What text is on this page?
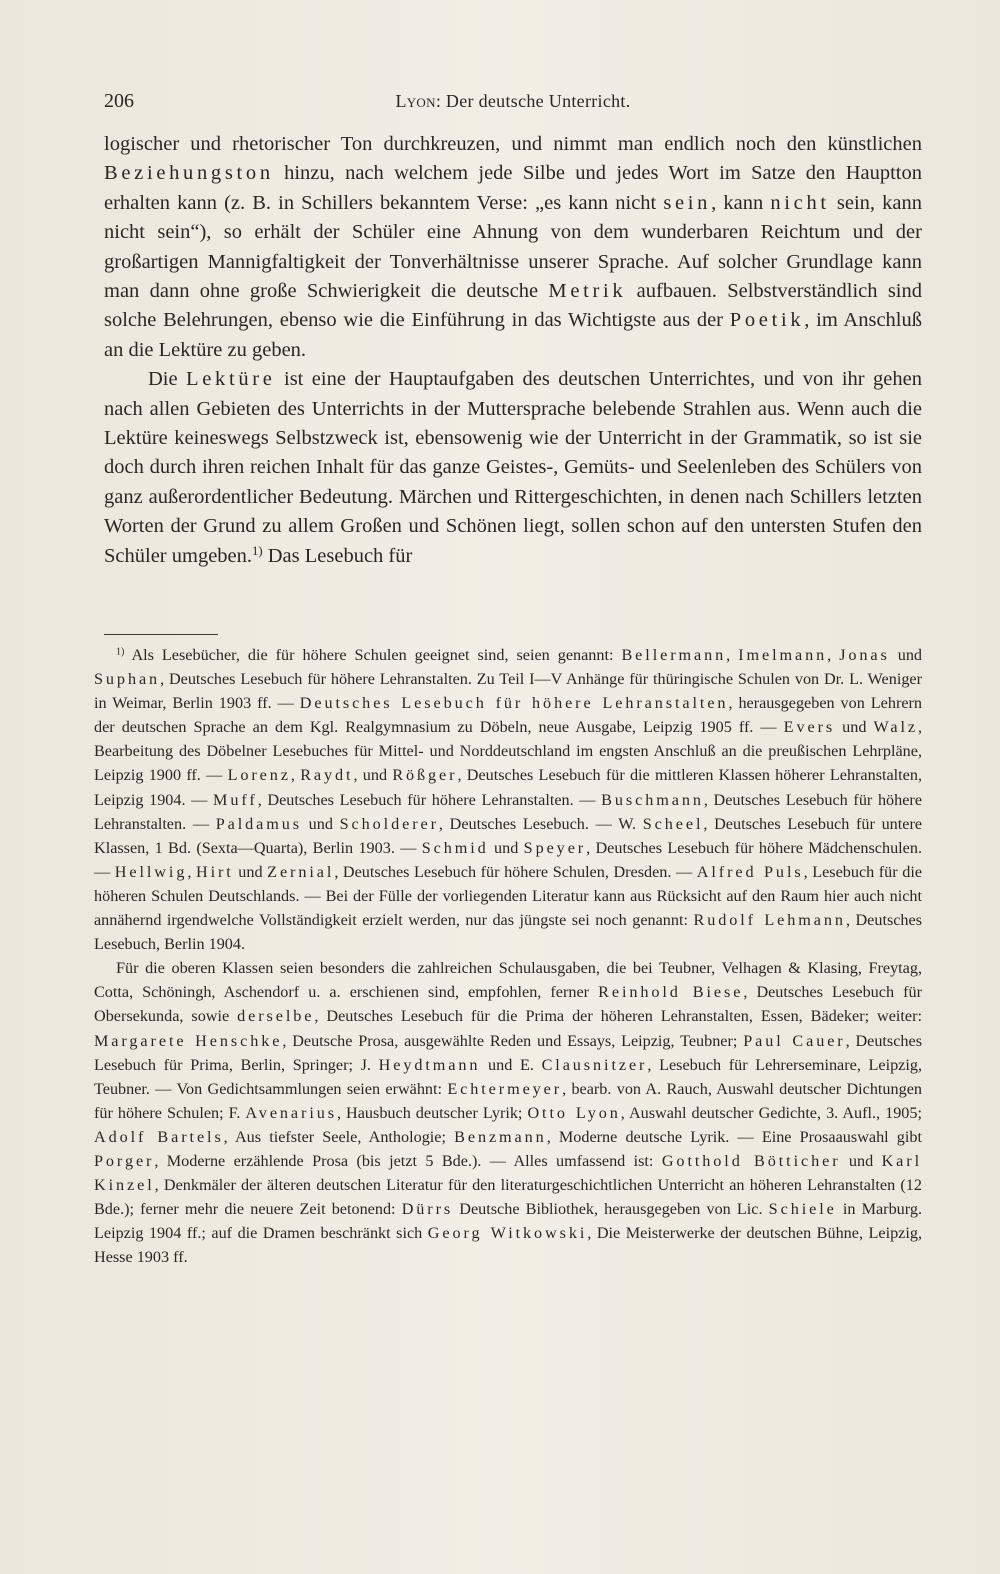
206	Lyon: Der deutsche Unterricht.

logischer und rhetorischer Ton durchkreuzen, und nimmt man endlich noch den künstlichen Beziehungston hinzu, nach welchem jede Silbe und jedes Wort im Satze den Hauptton erhalten kann (z. B. in Schillers bekanntem Verse: „es kann nicht sein, kann nicht sein, kann nicht sein“), so erhält der Schüler eine Ahnung von dem wunderbaren Reichtum und der großartigen Mannigfaltigkeit der Tonverhältnisse unserer Sprache. Auf solcher Grundlage kann man dann ohne große Schwierigkeit die deutsche Metrik aufbauen. Selbstverständlich sind solche Belehrungen, ebenso wie die Einführung in das Wichtigste aus der Poetik, im Anschluß an die Lektüre zu geben.

Die Lektüre ist eine der Hauptaufgaben des deutschen Unterrichtes, und von ihr gehen nach allen Gebieten des Unterrichts in der Muttersprache belebende Strahlen aus. Wenn auch die Lektüre keineswegs Selbstzweck ist, ebensowenig wie der Unterricht in der Grammatik, so ist sie doch durch ihren reichen Inhalt für das ganze Geistes-, Gemüts- und Seelenleben des Schülers von ganz außerordentlicher Bedeutung. Märchen und Rittergeschichten, in denen nach Schillers letzten Worten der Grund zu allem Großen und Schönen liegt, sollen schon auf den untersten Stufen den Schüler umgeben.$^{1)}$ Das Lesebuch für

$^{1)}$ Als Lesebücher, die für höhere Schulen geeignet sind, seien genannt: Bellermann, Imelmann, Jonas und Suphan, Deutsches Lesebuch für höhere Lehranstalten. Zu Teil I—V Anhänge für thüringische Schulen von Dr. L. Weniger in Weimar, Berlin 1903 ff. — Deutsches Lesebuch für höhere Lehranstalten, herausgegeben von Lehrern der deutschen Sprache an dem Kgl. Realgymnasium zu Döbeln, neue Ausgabe, Leipzig 1905 ff. — Evers und Walz, Bearbeitung des Döbelner Lesebuches für Mittel- und Norddeutschland im engsten Anschluß an die preußischen Lehrpläne, Leipzig 1900 ff. — Lorenz, Raydt, und Rößger, Deutsches Lesebuch für die mittleren Klassen höherer Lehranstalten, Leipzig 1904. — Muff, Deutsches Lesebuch für höhere Lehranstalten. — Buschmann, Deutsches Lesebuch für höhere Lehranstalten. — Paldamus und Scholderer, Deutsches Lesebuch. — W. Scheel, Deutsches Lesebuch für untere Klassen, 1 Bd. (Sexta—Quarta), Berlin 1903. — Schmid und Speyer, Deutsches Lesebuch für höhere Mädchenschulen. — Hellwig, Hirt und Zernial, Deutsches Lesebuch für höhere Schulen, Dresden. — Alfred Puls, Lesebuch für die höheren Schulen Deutschlands. — Bei der Fülle der vorliegenden Literatur kann aus Rücksicht auf den Raum hier auch nicht annähernd irgendwelche Vollständigkeit erzielt werden, nur das jüngste sei noch genannt: Rudolf Lehmann, Deutsches Lesebuch, Berlin 1904.

Für die oberen Klassen seien besonders die zahlreichen Schulausgaben, die bei Teubner, Velhagen & Klasing, Freytag, Cotta, Schöningh, Aschendorf u. a. erschienen sind, empfohlen, ferner Reinhold Biese, Deutsches Lesebuch für Obersekunda, sowie derselbe, Deutsches Lesebuch für die Prima der höheren Lehranstalten, Essen, Bädeker; weiter: Margarete Henschke, Deutsche Prosa, ausgewählte Reden und Essays, Leipzig, Teubner; Paul Cauer, Deutsches Lesebuch für Prima, Berlin, Springer; J. Heydtmann und E. Clausnitzer, Lesebuch für Lehrerseminare, Leipzig, Teubner. — Von Gedichtsammlungen seien erwähnt: Echtermeyer, bearb. von A. Rauch, Auswahl deutscher Dichtungen für höhere Schulen; F. Avenarius, Hausbuch deutscher Lyrik; Otto Lyon, Auswahl deutscher Gedichte, 3. Aufl., 1905; Adolf Bartels, Aus tiefster Seele, Anthologie; Benzmann, Moderne deutsche Lyrik. — Eine Prosaauswahl gibt Porger, Moderne erzählende Prosa (bis jetzt 5 Bde.). — Alles umfassend ist: Gotthold Bötticher und Karl Kinzel, Denkmäler der älteren deutschen Literatur für den literaturgeschichtlichen Unterricht an höheren Lehranstalten (12 Bde.); ferner mehr die neuere Zeit betonend: Dürrs Deutsche Bibliothek, herausgegeben von Lic. Schiele in Marburg. Leipzig 1904 ff.; auf die Dramen beschränkt sich Georg Witkowski, Die Meisterwerke der deutschen Bühne, Leipzig, Hesse 1903 ff.
